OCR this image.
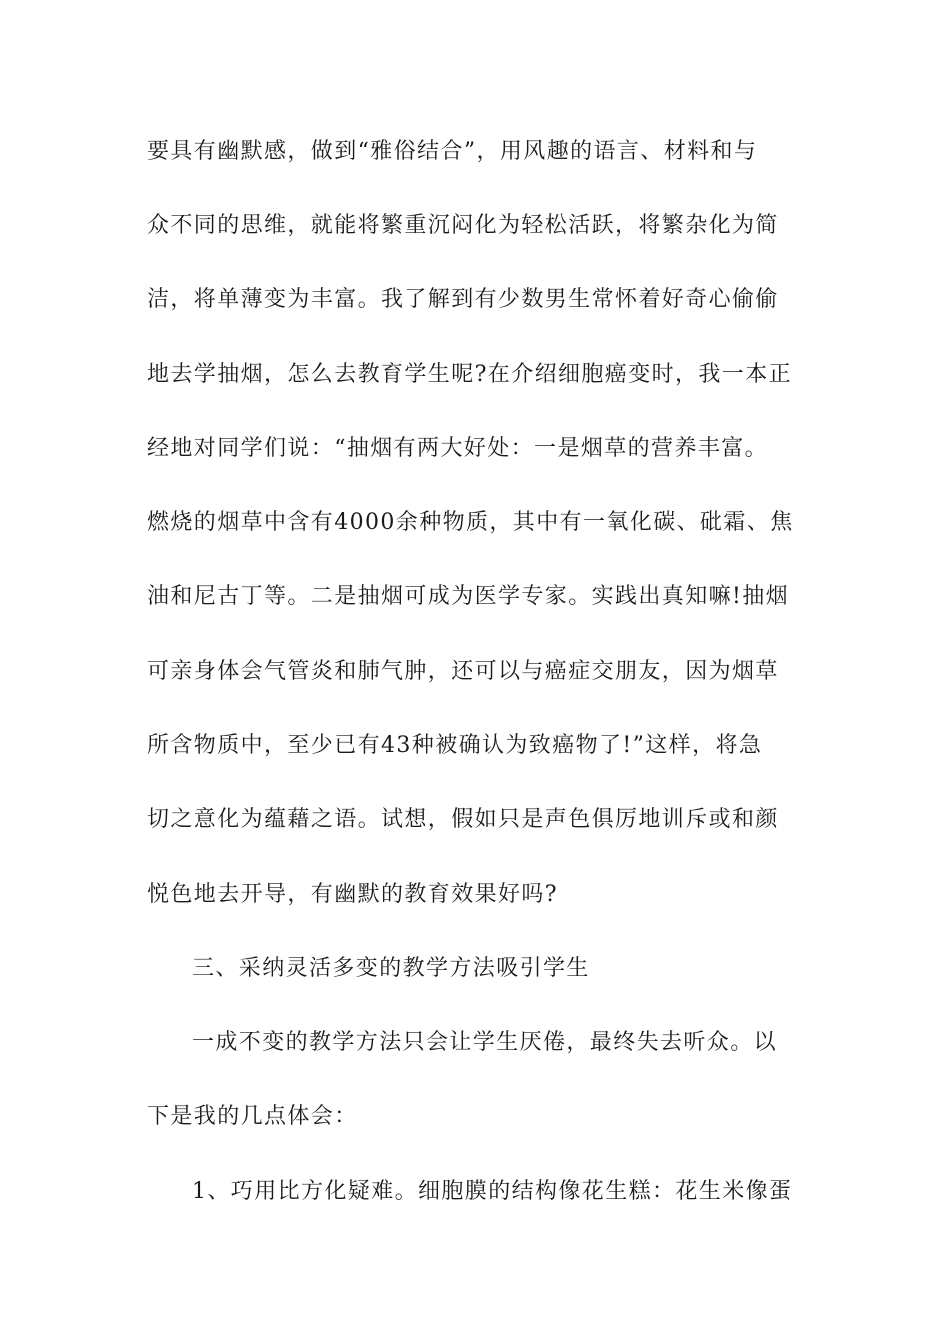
要具有幽默感，做到“雅俗结合”，用风趣的语言、材料和与
众不同的思维，就能将繁重沉闷化为轻松活跃，将繁杂化为简
洁，将单薄变为丰富。我了解到有少数男生常怀着好奇心偷偷
地去学抽烟，怎么去教育学生呢?在介绍细胞癌变时，我一本正
经地对同学们说：“抽烟有两大好处：一是烟草的营养丰富。
燃烧的烟草中含有4000余种物质，其中有一氧化碳、砒霜、焦
油和尼古丁等。二是抽烟可成为医学专家。实践出真知嘛!抽烟
可亲身体会气管炎和肺气肿，还可以与癌症交朋友，因为烟草
所含物质中，至少已有43种被确认为致癌物了!”这样，将急
切之意化为蕴藉之语。试想，假如只是声色俱厉地训斥或和颜
悦色地去开导，有幽默的教育效果好吗?
三、采纳灵活多变的教学方法吸引学生
一成不变的教学方法只会让学生厌倦，最终失去听众。以
下是我的几点体会：
1、巧用比方化疑难。细胞膜的结构像花生糕：花生米像蛋
